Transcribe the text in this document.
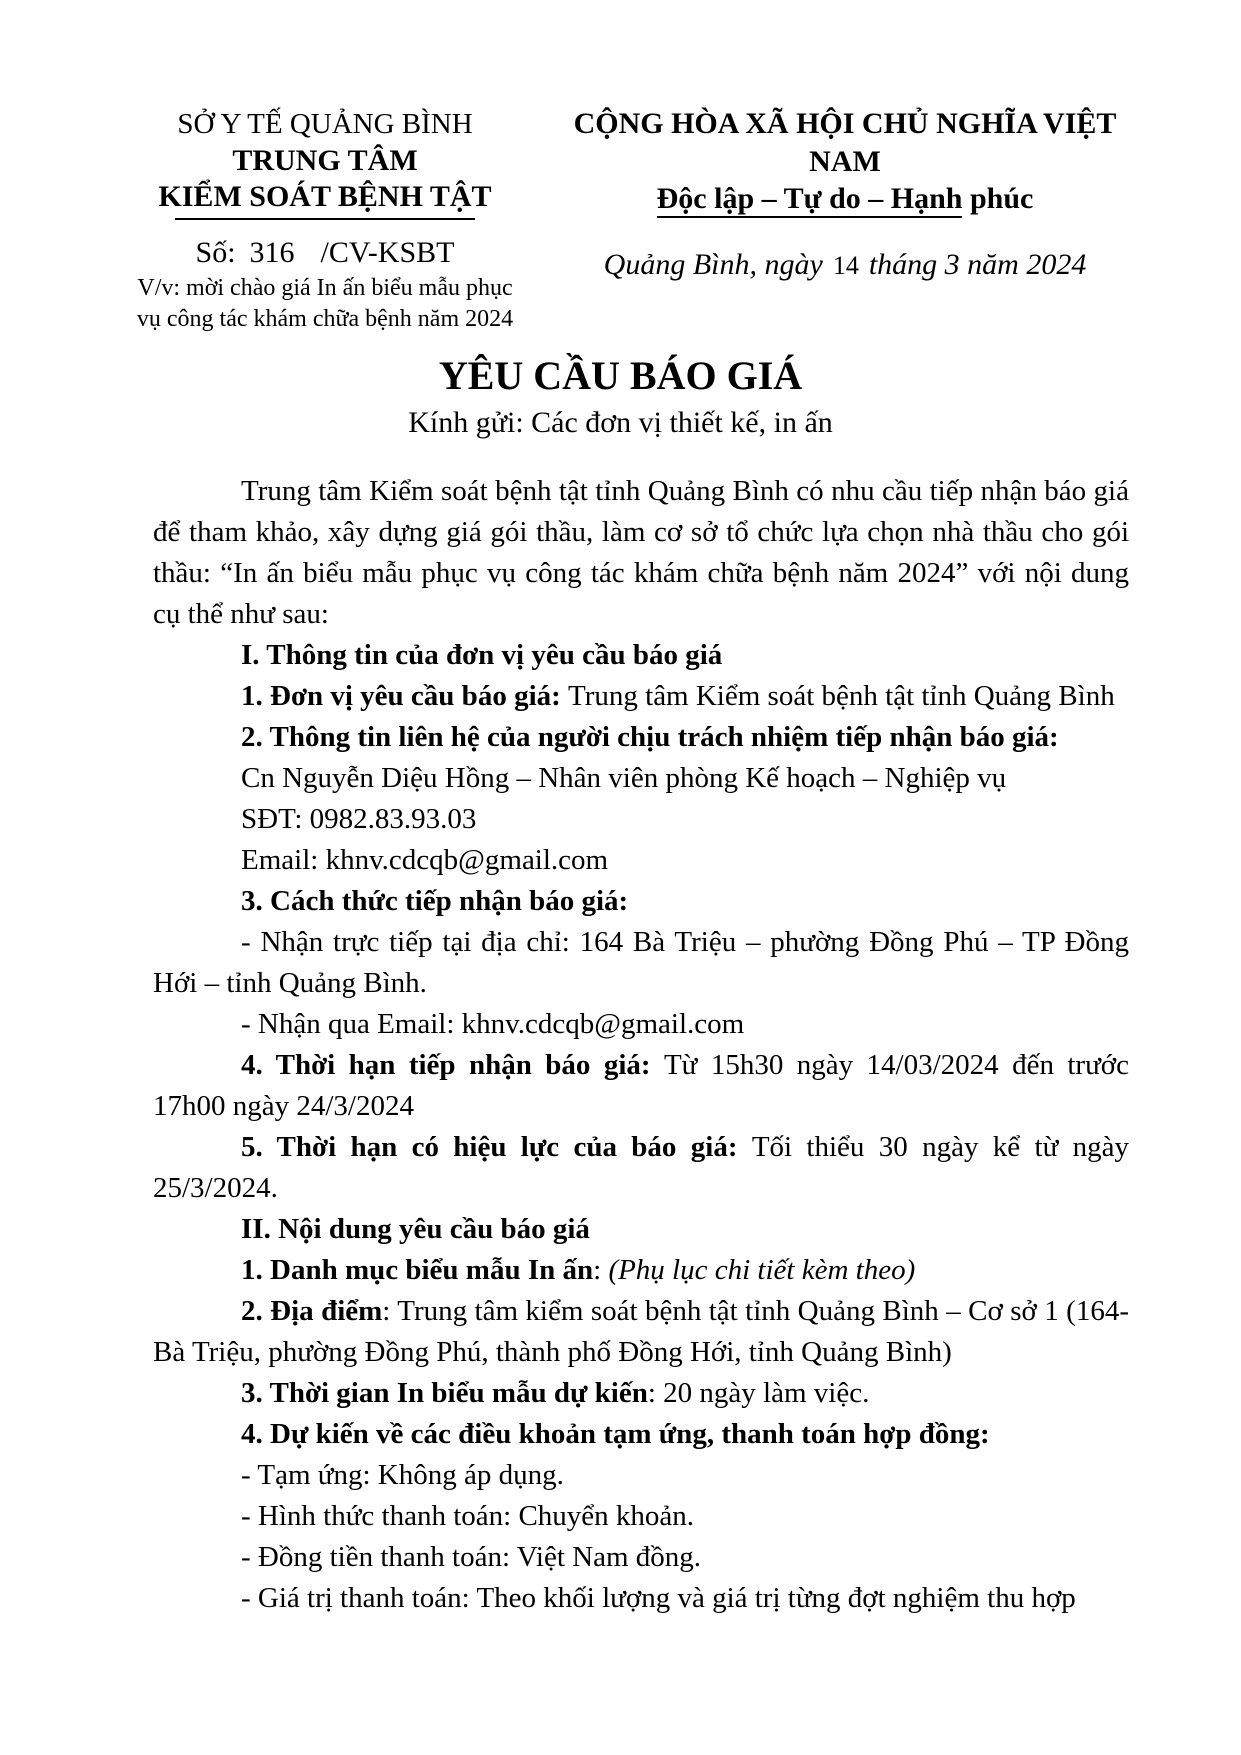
SỞ Y TẾ QUẢNG BÌNH
TRUNG TÂM
KIỂM SOÁT BỆNH TẬT
Số: 316 /CV-KSBT
V/v: mời chào giá In ấn biểu mẫu phục vụ công tác khám chữa bệnh năm 2024
CỘNG HÒA XÃ HỘI CHỦ NGHĨA VIỆT NAM
Độc lập – Tự do – Hạnh phúc
Quảng Bình, ngày 14 tháng 3 năm 2024
YÊU CẦU BÁO GIÁ
Kính gửi: Các đơn vị thiết kế, in ấn

Trung tâm Kiểm soát bệnh tật tỉnh Quảng Bình có nhu cầu tiếp nhận báo giá để tham khảo, xây dựng giá gói thầu, làm cơ sở tổ chức lựa chọn nhà thầu cho gói thầu: “In ấn biểu mẫu phục vụ công tác khám chữa bệnh năm 2024” với nội dung cụ thể như sau:

I. Thông tin của đơn vị yêu cầu báo giá

1. Đơn vị yêu cầu báo giá: Trung tâm Kiểm soát bệnh tật tỉnh Quảng Bình

2. Thông tin liên hệ của người chịu trách nhiệm tiếp nhận báo giá:

Cn Nguyễn Diệu Hồng – Nhân viên phòng Kế hoạch – Nghiệp vụ

SĐT: 0982.83.93.03

Email: khnv.cdcqb@gmail.com

3. Cách thức tiếp nhận báo giá:

- Nhận trực tiếp tại địa chỉ: 164 Bà Triệu – phường Đồng Phú – TP Đồng Hới – tỉnh Quảng Bình.

- Nhận qua Email: khnv.cdcqb@gmail.com

4. Thời hạn tiếp nhận báo giá: Từ 15h30 ngày 14/03/2024 đến trước 17h00 ngày 24/3/2024

5. Thời hạn có hiệu lực của báo giá: Tối thiểu 30 ngày kể từ ngày 25/3/2024.

II. Nội dung yêu cầu báo giá

1. Danh mục biểu mẫu In ấn: (Phụ lục chi tiết kèm theo)

2. Địa điểm: Trung tâm kiểm soát bệnh tật tỉnh Quảng Bình – Cơ sở 1 (164-Bà Triệu, phường Đồng Phú, thành phố Đồng Hới, tỉnh Quảng Bình)

3. Thời gian In biểu mẫu dự kiến: 20 ngày làm việc.

4. Dự kiến về các điều khoản tạm ứng, thanh toán hợp đồng:

- Tạm ứng: Không áp dụng.

- Hình thức thanh toán: Chuyển khoản.

- Đồng tiền thanh toán: Việt Nam đồng.

- Giá trị thanh toán: Theo khối lượng và giá trị từng đợt nghiệm thu hợp
